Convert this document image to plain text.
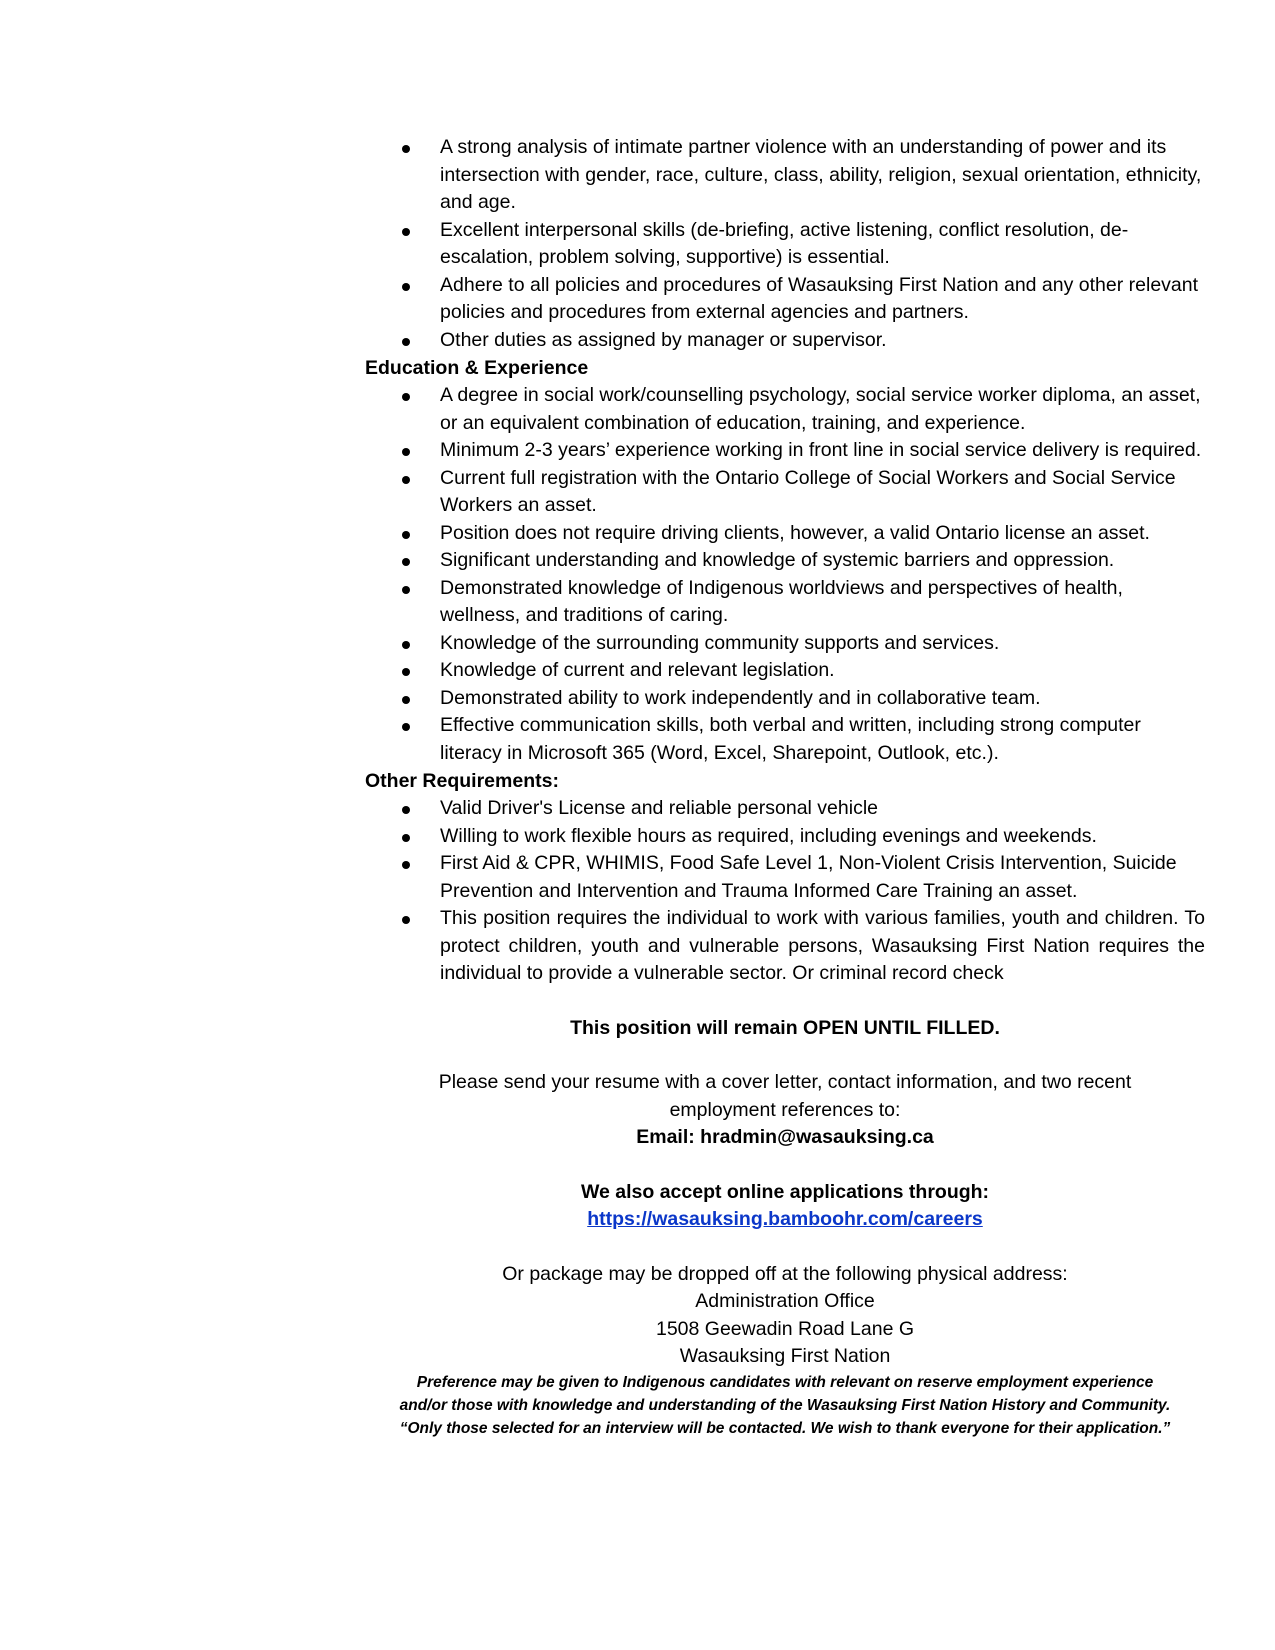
A strong analysis of intimate partner violence with an understanding of power and its intersection with gender, race, culture, class, ability, religion, sexual orientation, ethnicity, and age.
Excellent interpersonal skills (de-briefing, active listening, conflict resolution, de-escalation, problem solving, supportive) is essential.
Adhere to all policies and procedures of Wasauksing First Nation and any other relevant policies and procedures from external agencies and partners.
Other duties as assigned by manager or supervisor.
Education & Experience
A degree in social work/counselling psychology, social service worker diploma, an asset, or an equivalent combination of education, training, and experience.
Minimum 2-3 years’ experience working in front line in social service delivery is required.
Current full registration with the Ontario College of Social Workers and Social Service Workers an asset.
Position does not require driving clients, however, a valid Ontario license an asset.
Significant understanding and knowledge of systemic barriers and oppression.
Demonstrated knowledge of Indigenous worldviews and perspectives of health, wellness, and traditions of caring.
Knowledge of the surrounding community supports and services.
Knowledge of current and relevant legislation.
Demonstrated ability to work independently and in collaborative team.
Effective communication skills, both verbal and written, including strong computer literacy in Microsoft 365 (Word, Excel, Sharepoint, Outlook, etc.).
Other Requirements:
Valid Driver's License and reliable personal vehicle
Willing to work flexible hours as required, including evenings and weekends.
First Aid & CPR, WHIMIS, Food Safe Level 1, Non-Violent Crisis Intervention, Suicide Prevention and Intervention and Trauma Informed Care Training an asset.
This position requires the individual to work with various families, youth and children. To protect children, youth and vulnerable persons, Wasauksing First Nation requires the individual to provide a vulnerable sector. Or criminal record check
This position will remain OPEN UNTIL FILLED.
Please send your resume with a cover letter, contact information, and two recent
employment references to:
Email: hradmin@wasauksing.ca
We also accept online applications through:
https://wasauksing.bamboohr.com/careers
Or package may be dropped off at the following physical address:
Administration Office
1508 Geewadin Road Lane G
Wasauksing First Nation
Preference may be given to Indigenous candidates with relevant on reserve employment experience
and/or those with knowledge and understanding of the Wasauksing First Nation History and Community.
“Only those selected for an interview will be contacted. We wish to thank everyone for their application.”
